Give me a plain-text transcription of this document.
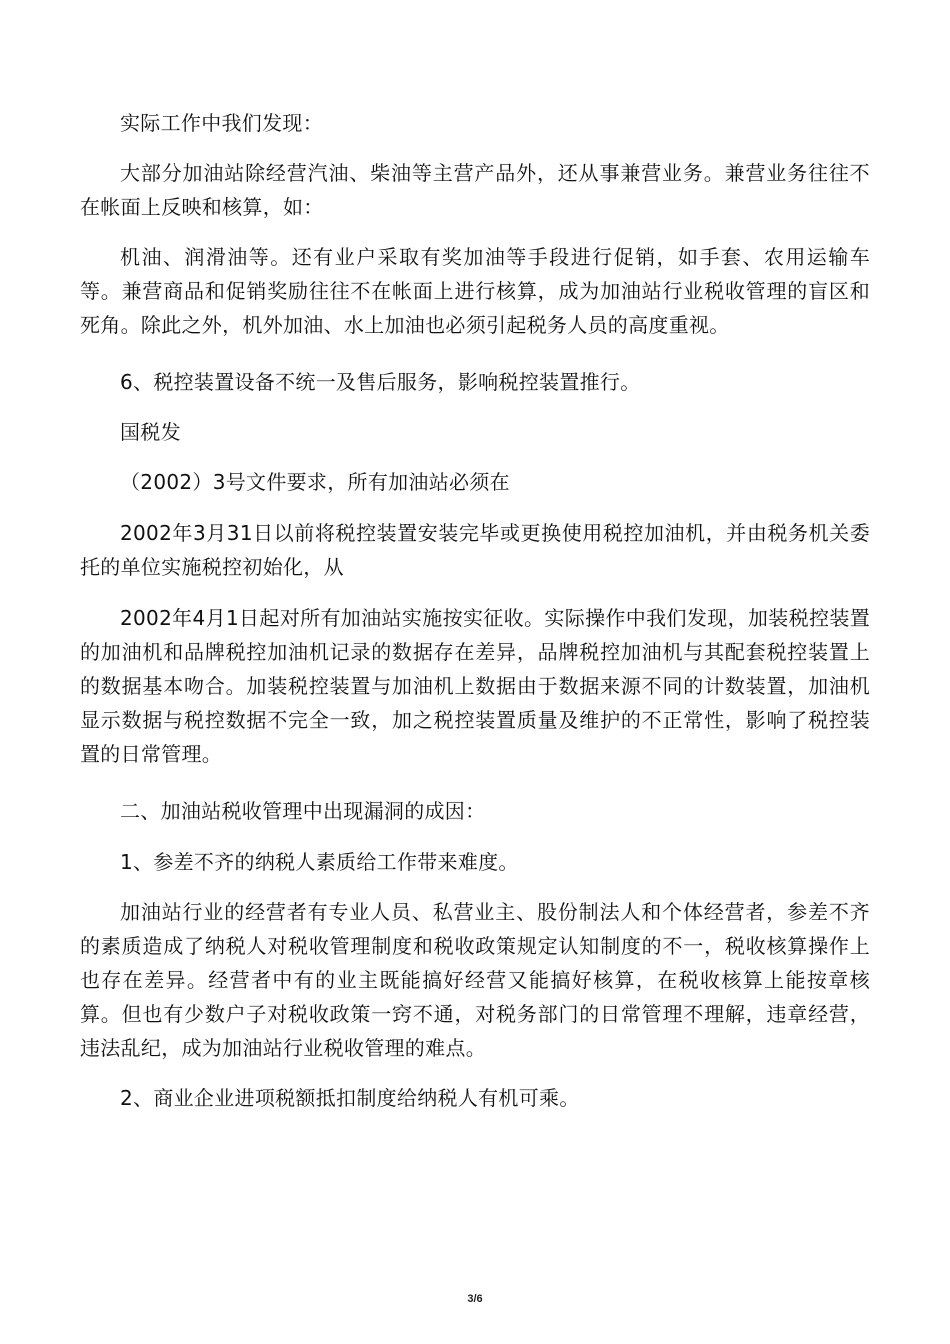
实际工作中我们发现：

大部分加油站除经营汽油、柴油等主营产品外，还从事兼营业务。兼营业务往往不在帐面上反映和核算，如：

机油、润滑油等。还有业户采取有奖加油等手段进行促销，如手套、农用运输车等。兼营商品和促销奖励往往不在帐面上进行核算，成为加油站行业税收管理的盲区和死角。除此之外，机外加油、水上加油也必须引起税务人员的高度重视。

6、税控装置设备不统一及售后服务，影响税控装置推行。

国税发

（2002）3号文件要求，所有加油站必须在

2002年3月31日以前将税控装置安装完毕或更换使用税控加油机，并由税务机关委托的单位实施税控初始化，从

2002年4月1日起对所有加油站实施按实征收。实际操作中我们发现，加装税控装置的加油机和品牌税控加油机记录的数据存在差异，品牌税控加油机与其配套税控装置上的数据基本吻合。加装税控装置与加油机上数据由于数据来源不同的计数装置，加油机显示数据与税控数据不完全一致，加之税控装置质量及维护的不正常性，影响了税控装置的日常管理。

二、加油站税收管理中出现漏洞的成因：

1、参差不齐的纳税人素质给工作带来难度。

加油站行业的经营者有专业人员、私营业主、股份制法人和个体经营者，参差不齐的素质造成了纳税人对税收管理制度和税收政策规定认知制度的不一，税收核算操作上也存在差异。经营者中有的业主既能搞好经营又能搞好核算，在税收核算上能按章核算。但也有少数户子对税收政策一窍不通，对税务部门的日常管理不理解，违章经营，违法乱纪，成为加油站行业税收管理的难点。

2、商业企业进项税额抵扣制度给纳税人有机可乘。

3/6
